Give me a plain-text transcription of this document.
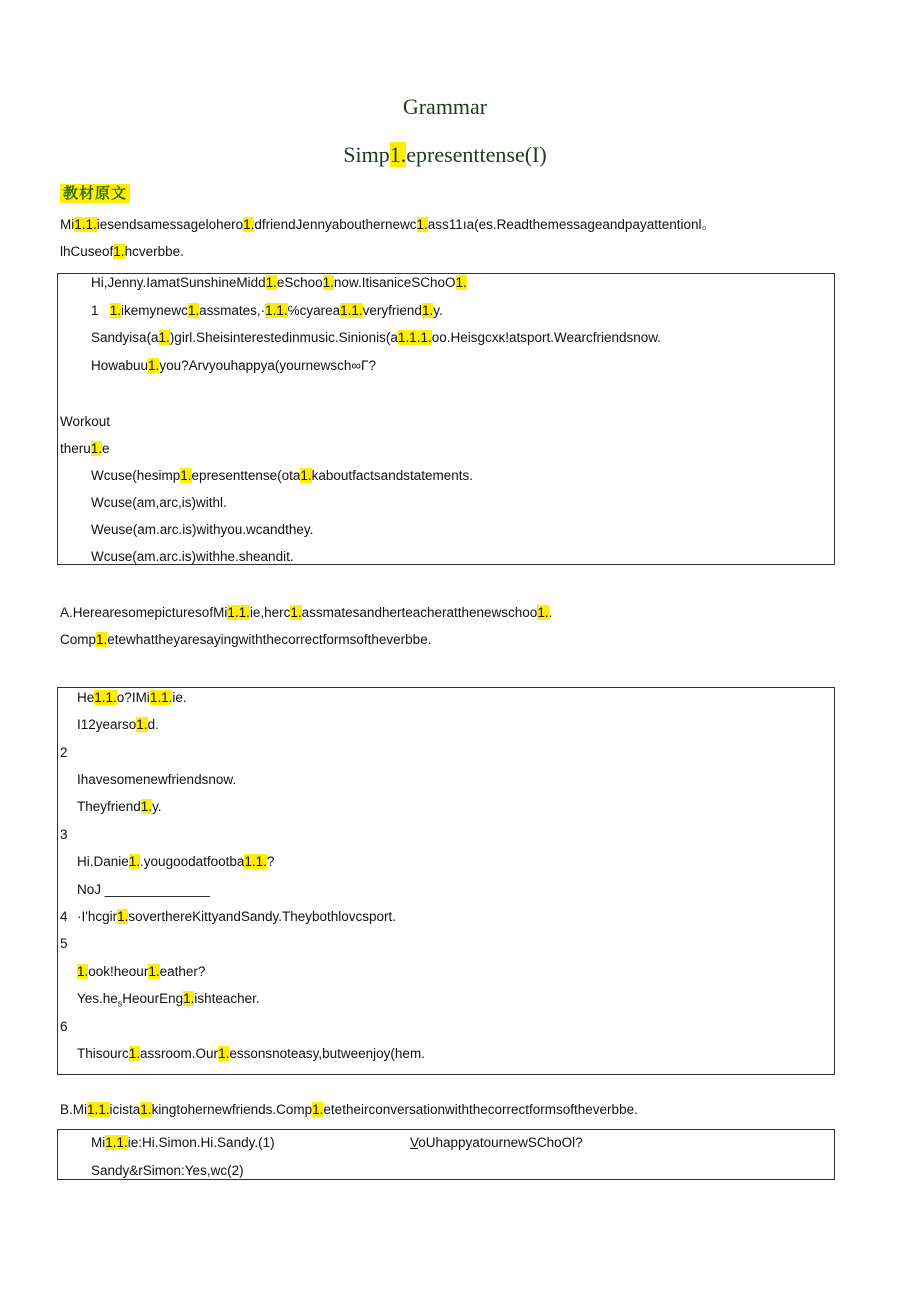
Grammar
Simp1.epresenttense(I)
教材原文
Mi1.1.iesendsamessagelohero1.dfriendJennyabouthernewc1.ass11ıa(es.Readthemessageandpayattentionl。
lhCuseof1.hcverbbe.
Hi,Jenny.IamatSunshineMidd1.eSchoo1.now.ItisaniceSChoO1.
1 1.ikemynewc1.assmates,·1.1.℅cyarea1.1.veryfriend1.y.
Sandyisa(a1.)girl.Sheisinterestedinmusic.Sinionis(a1.1.1.oo.Heisgcxĸ!atsport.Wearcfriendsnow.
Howabuu1.you?Arvyouhappya(yournewsch∞Γ?
Workout
theru1.e
Wcuse(hesimp1.epresenttense(ota1.kaboutfactsandstatements.
Wcuse(am,arc,is)withl.
Weuse(am.arc.is)withyou.wcandthey.
Wcuse(am.arc.is)withhe.sheandit.
A.HerearesomepicturesofMi1.1.ie,herc1.assmatesandherteacheratthenewschoo1..
Comp1.etewhattheyaresayingwiththecorrectformsoftheverbbe.
He1.1.o?IMi1.1.ie.
I12yearso1.d.
2
Ihavesomenewfriendsnow.
Theyfriend1.y.
3
Hi.Danie1..yougoodatfootba1.1.?
NoJ ______________
4 ·I'hcgir1.soverthereKittyandSandy.Theybothlovcsport.
5
1.ook!heour1.eather?
$Yes.he_sHeourEng1.ishteacher$.
6
Thisourc1.assroom.Our1.essonsnoteasy,butweenjoy(hem.
B.Mi1.1.icista1.kingtohernewfriends.Comp1.etetheirconversationwiththecorrectformsoftheverbbe.
Mi1.1.ie:Hi.Simon.Hi.Sandy.(1)	VoUhappyatournewSChoOl?
Sandy&rSimon:Yes,wc(2)
